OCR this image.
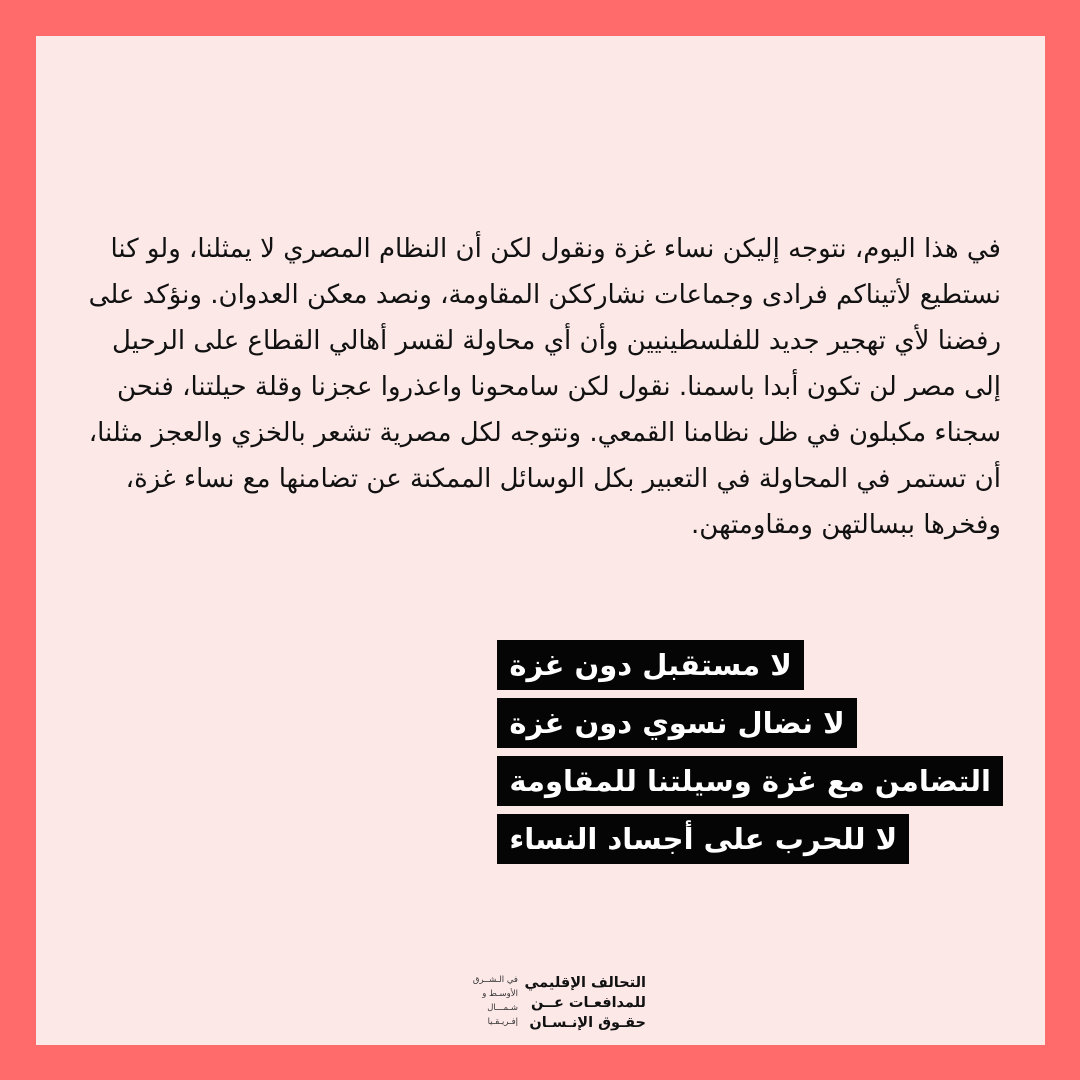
في هذا اليوم، نتوجه إليكن نساء غزة ونقول لكن أن النظام المصري لا يمثلنا، ولو كنا نستطيع لأتيناكم فرادى وجماعات نشارككن المقاومة، ونصد معكن العدوان. ونؤكد على رفضنا لأي تهجير جديد للفلسطينيين وأن أي محاولة لقسر أهالي القطاع على الرحيل إلى مصر لن تكون أبدا باسمنا. نقول لكن سامحونا واعذروا عجزنا وقلة حيلتنا، فنحن سجناء مكبلون في ظل نظامنا القمعي. ونتوجه لكل مصرية تشعر بالخزي والعجز مثلنا، أن تستمر في المحاولة في التعبير بكل الوسائل الممكنة عن تضامنها مع نساء غزة، وفخرها ببسالتهن ومقاومتهن.

لا مستقبل دون غزة
لا نضال نسوي دون غزة
التضامن مع غزة وسيلتنا للمقاومة
لا للحرب على أجساد النساء
التحالف الإقليمي
للمدافعـات عــن
حقـوق الإنـسـان
في الـشــرق
الأوسـط و
شـمـــال
إفـريـقـيا
